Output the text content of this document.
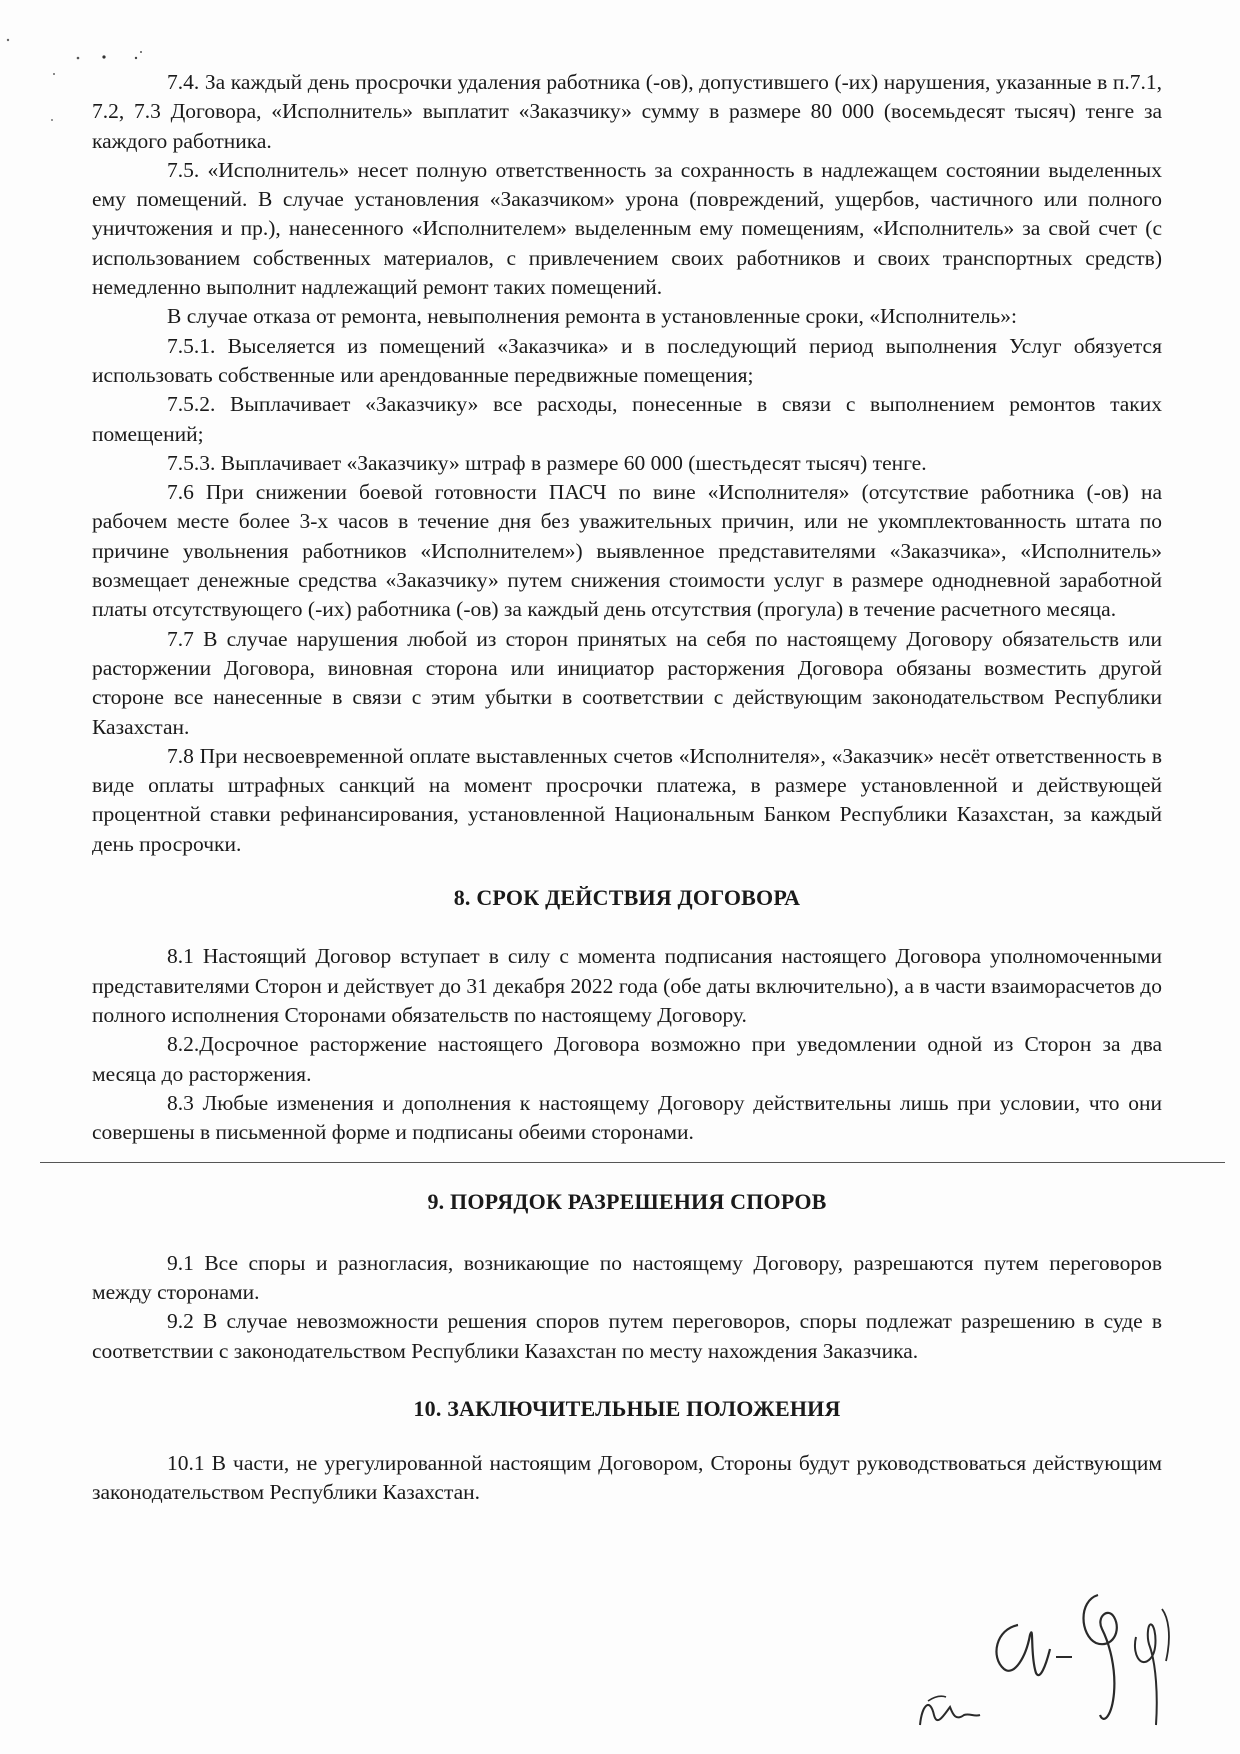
7.4. За каждый день просрочки удаления работника (-ов), допустившего (-их) нарушения, указанные в п.7.1, 7.2, 7.3 Договора, «Исполнитель» выплатит «Заказчику» сумму в размере 80 000 (восемьдесят тысяч) тенге за каждого работника.

7.5. «Исполнитель» несет полную ответственность за сохранность в надлежащем состоянии выделенных ему помещений. В случае установления «Заказчиком» урона (повреждений, ущербов, частичного или полного уничтожения и пр.), нанесенного «Исполнителем» выделенным ему помещениям, «Исполнитель» за свой счет (с использованием собственных материалов, с привлечением своих работников и своих транспортных средств) немедленно выполнит надлежащий ремонт таких помещений.

В случае отказа от ремонта, невыполнения ремонта в установленные сроки, «Исполнитель»:

7.5.1. Выселяется из помещений «Заказчика» и в последующий период выполнения Услуг обязуется использовать собственные или арендованные передвижные помещения;

7.5.2. Выплачивает «Заказчику» все расходы, понесенные в связи с выполнением ремонтов таких помещений;

7.5.3. Выплачивает «Заказчику» штраф в размере 60 000 (шестьдесят тысяч) тенге.

7.6 При снижении боевой готовности ПАСЧ по вине «Исполнителя» (отсутствие работника (-ов) на рабочем месте более 3-х часов в течение дня без уважительных причин, или не укомплектованность штата по причине увольнения работников «Исполнителем») выявленное представителями «Заказчика», «Исполнитель» возмещает денежные средства «Заказчику» путем снижения стоимости услуг в размере однодневной заработной платы отсутствующего (-их) работника (-ов) за каждый день отсутствия (прогула) в течение расчетного месяца.

7.7 В случае нарушения любой из сторон принятых на себя по настоящему Договору обязательств или расторжении Договора, виновная сторона или инициатор расторжения Договора обязаны возместить другой стороне все нанесенные в связи с этим убытки в соответствии с действующим законодательством Республики Казахстан.

7.8 При несвоевременной оплате выставленных счетов «Исполнителя», «Заказчик» несёт ответственность в виде оплаты штрафных санкций на момент просрочки платежа, в размере установленной и действующей процентной ставки рефинансирования, установленной Национальным Банком Республики Казахстан, за каждый день просрочки.

8. СРОК ДЕЙСТВИЯ ДОГОВОРА

8.1 Настоящий Договор вступает в силу с момента подписания настоящего Договора уполномоченными представителями Сторон и действует до 31 декабря 2022 года (обе даты включительно), а в части взаиморасчетов до полного исполнения Сторонами обязательств по настоящему Договору.

8.2.Досрочное расторжение настоящего Договора возможно при уведомлении одной из Сторон за два месяца до расторжения.

8.3 Любые изменения и дополнения к настоящему Договору действительны лишь при условии, что они совершены в письменной форме и подписаны обеими сторонами.

9. ПОРЯДОК РАЗРЕШЕНИЯ СПОРОВ

9.1 Все споры и разногласия, возникающие по настоящему Договору, разрешаются путем переговоров между сторонами.

9.2 В случае невозможности решения споров путем переговоров, споры подлежат разрешению в суде в соответствии с законодательством Республики Казахстан по месту нахождения Заказчика.

10. ЗАКЛЮЧИТЕЛЬНЫЕ ПОЛОЖЕНИЯ

10.1 В части, не урегулированной настоящим Договором, Стороны будут руководствоваться действующим законодательством Республики Казахстан.
